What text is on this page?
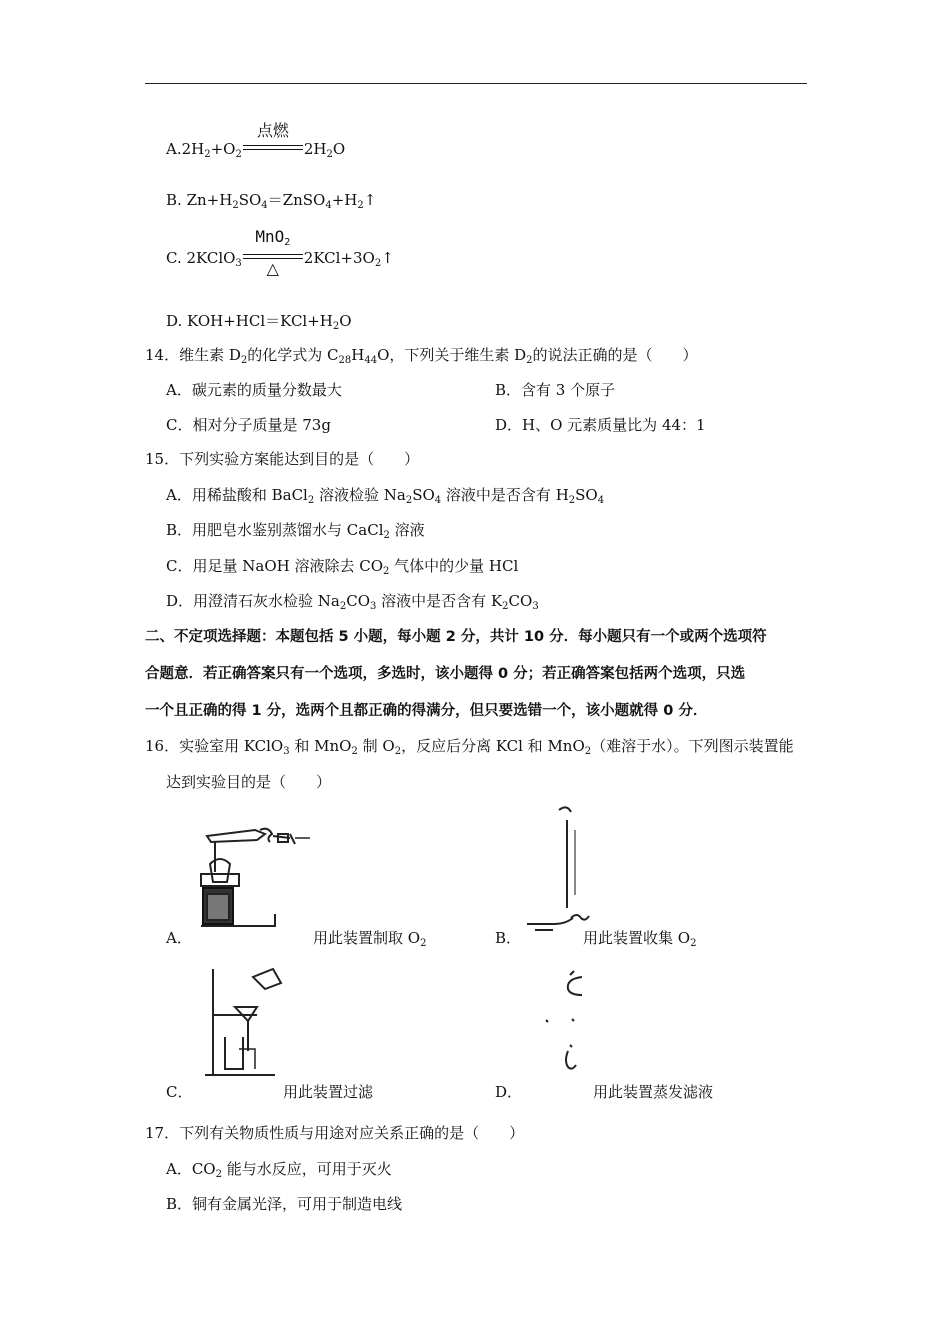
$A.2H_2+O_2$
点燃
$2H_2O$
B. $Zn+H_2SO_4=ZnSO_4+H_2↑$
C. 2KClO$_3$
MnO$_2$
△
$2KCl+3O_2↑$
D. $KOH+HCl=KCl+H_2O$
14．维生素 $D_2$的化学式为 $C_{28}H_{44}O$，下列关于维生素 $D_2$的说法正确的是（　　）
A．碳元素的质量分数最大	B．含有 3 个原子
C．相对分子质量是 73g	D．H、O 元素质量比为 44：1
15．下列实验方案能达到目的是（　　）
A．用稀盐酸和 BaCl$_2$ 溶液检验 $Na_2SO_4$ 溶液中是否含有 $H_2SO_4$
B．用肥皂水鉴别蒸馏水与 CaCl$_2$ 溶液
C．用足量 NaOH 溶液除去 $CO_2$ 气体中的少量 HCl
D．用澄清石灰水检验 $Na_2CO_3$ 溶液中是否含有 $K_2CO_3$
二、不定项选择题：本题包括 5 小题，每小题 2 分，共计 10 分．每小题只有一个或两个选项符
合题意．若正确答案只有一个选项，多选时，该小题得 0 分；若正确答案包括两个选项，只选
一个且正确的得 1 分，选两个且都正确的得满分，但只要选错一个，该小题就得 0 分．
16．实验室用 KClO$_3$ 和 MnO$_2$ 制 $O_2$，反应后分离 KCl 和 MnO$_2$（难溶于水）。下列图示装置能
达到实验目的是（　　）
A．	用此装置制取 $O_2$	B．	用此装置收集 $O_2$
C．	用此装置过滤	D．	用此装置蒸发滤液
17．下列有关物质性质与用途对应关系正确的是（　　）
A．$CO_2$ 能与水反应，可用于灭火
B．铜有金属光泽，可用于制造电线
